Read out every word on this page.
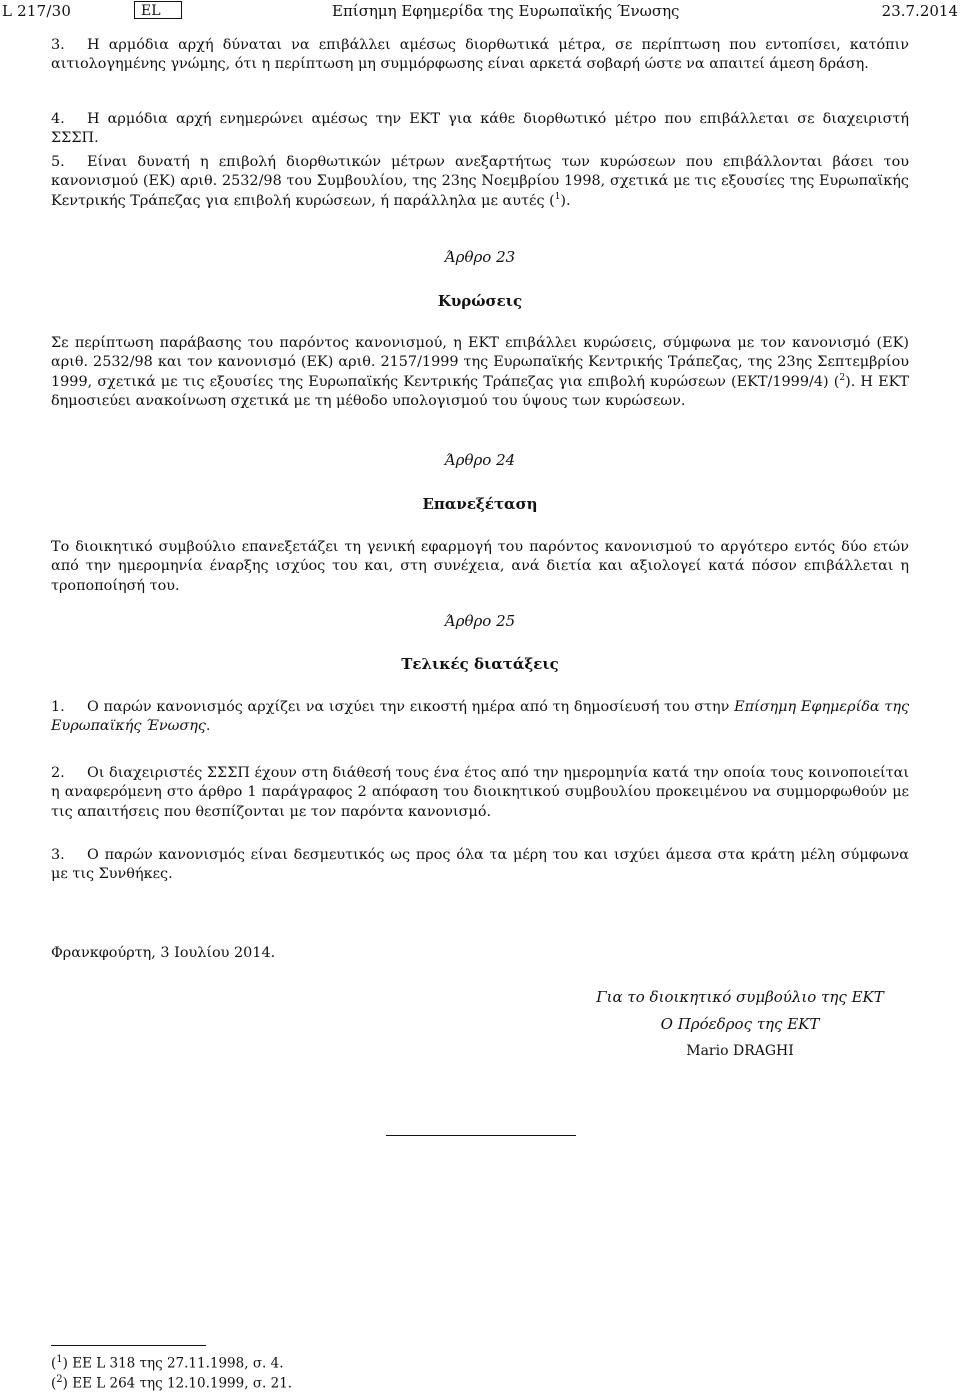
L 217/30	EL	Επίσημη Εφημερίδα της Ευρωπαϊκής Ένωσης	23.7.2014
3. Η αρμόδια αρχή δύναται να επιβάλλει αμέσως διορθωτικά μέτρα, σε περίπτωση που εντοπίσει, κατόπιν αιτιολογημένης γνώμης, ότι η περίπτωση μη συμμόρφωσης είναι αρκετά σοβαρή ώστε να απαιτεί άμεση δράση.
4. Η αρμόδια αρχή ενημερώνει αμέσως την ΕΚΤ για κάθε διορθωτικό μέτρο που επιβάλλεται σε διαχειριστή ΣΣΣΠ.
5. Είναι δυνατή η επιβολή διορθωτικών μέτρων ανεξαρτήτως των κυρώσεων που επιβάλλονται βάσει του κανονισμού (ΕΚ) αριθ. 2532/98 του Συμβουλίου, της 23ης Νοεμβρίου 1998, σχετικά με τις εξουσίες της Ευρωπαϊκής Κεντρικής Τράπεζας για επιβολή κυρώσεων, ή παράλληλα με αυτές ($^1$).
Άρθρο 23
Κυρώσεις
Σε περίπτωση παράβασης του παρόντος κανονισμού, η ΕΚΤ επιβάλλει κυρώσεις, σύμφωνα με τον κανονισμό (ΕΚ) αριθ. 2532/98 και τον κανονισμό (ΕΚ) αριθ. 2157/1999 της Ευρωπαϊκής Κεντρικής Τράπεζας, της 23ης Σεπτεμβρίου 1999, σχετικά με τις εξουσίες της Ευρωπαϊκής Κεντρικής Τράπεζας για επιβολή κυρώσεων (ΕΚΤ/1999/4) ($^2$). Η ΕΚΤ δημοσιεύει ανακοίνωση σχετικά με τη μέθοδο υπολογισμού του ύψους των κυρώσεων.
Άρθρο 24
Επανεξέταση
Το διοικητικό συμβούλιο επανεξετάζει τη γενική εφαρμογή του παρόντος κανονισμού το αργότερο εντός δύο ετών από την ημερομηνία έναρξης ισχύος του και, στη συνέχεια, ανά διετία και αξιολογεί κατά πόσον επιβάλλεται η τροποποίησή του.
Άρθρο 25
Τελικές διατάξεις
1. Ο παρών κανονισμός αρχίζει να ισχύει την εικοστή ημέρα από τη δημοσίευσή του στην Επίσημη Εφημερίδα της Ευρωπαϊκής Ένωσης.
2. Οι διαχειριστές ΣΣΣΠ έχουν στη διάθεσή τους ένα έτος από την ημερομηνία κατά την οποία τους κοινοποιείται η αναφερόμενη στο άρθρο 1 παράγραφος 2 απόφαση του διοικητικού συμβουλίου προκειμένου να συμμορφωθούν με τις απαιτήσεις που θεσπίζονται με τον παρόντα κανονισμό.
3. Ο παρών κανονισμός είναι δεσμευτικός ως προς όλα τα μέρη του και ισχύει άμεσα στα κράτη μέλη σύμφωνα με τις Συνθήκες.
Φρανκφούρτη, 3 Ιουλίου 2014.
Για το διοικητικό συμβούλιο της ΕΚΤ
Ο Πρόεδρος της ΕΚΤ
Mario DRAGHI
($^1$) ΕΕ L 318 της 27.11.1998, σ. 4.
($^2$) ΕΕ L 264 της 12.10.1999, σ. 21.
